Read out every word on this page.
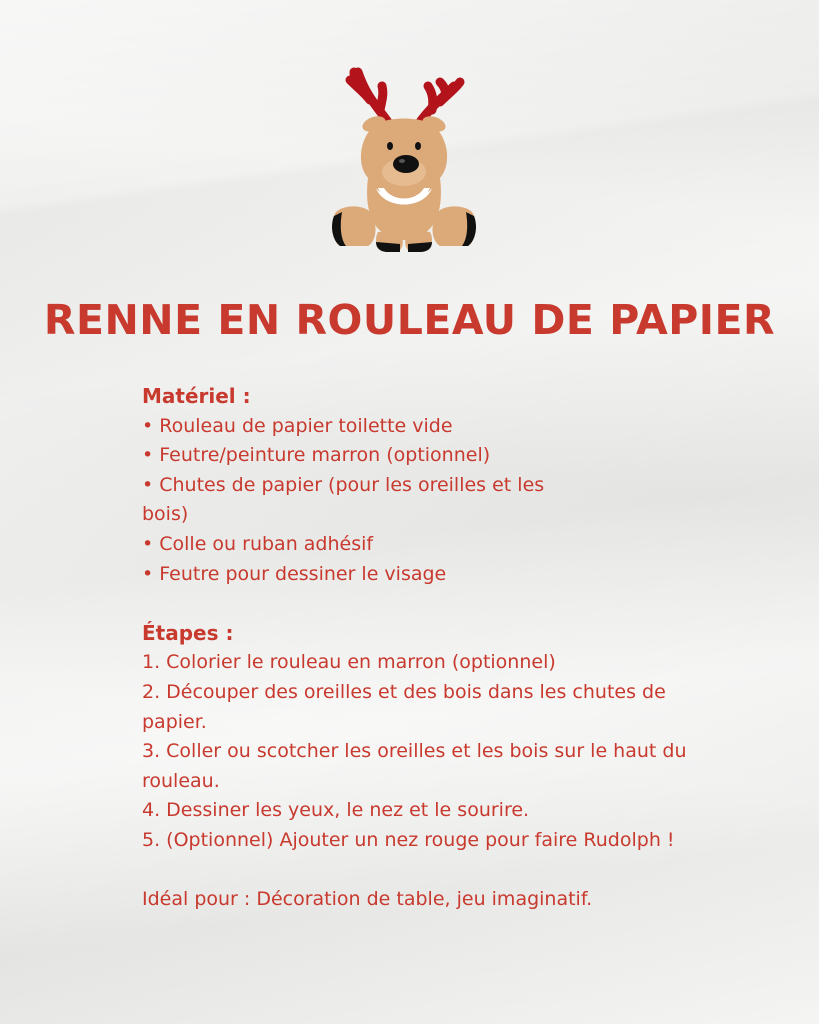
RENNE EN ROULEAU DE PAPIER
Matériel :
• Rouleau de papier toilette vide
• Feutre/peinture marron (optionnel)
• Chutes de papier (pour les oreilles et les bois)
• Colle ou ruban adhésif
• Feutre pour dessiner le visage
Étapes :
1. Colorier le rouleau en marron (optionnel)
2. Découper des oreilles et des bois dans les chutes de papier.
3. Coller ou scotcher les oreilles et les bois sur le haut du rouleau.
4. Dessiner les yeux, le nez et le sourire.
5. (Optionnel) Ajouter un nez rouge pour faire Rudolph !
Idéal pour : Décoration de table, jeu imaginatif.
